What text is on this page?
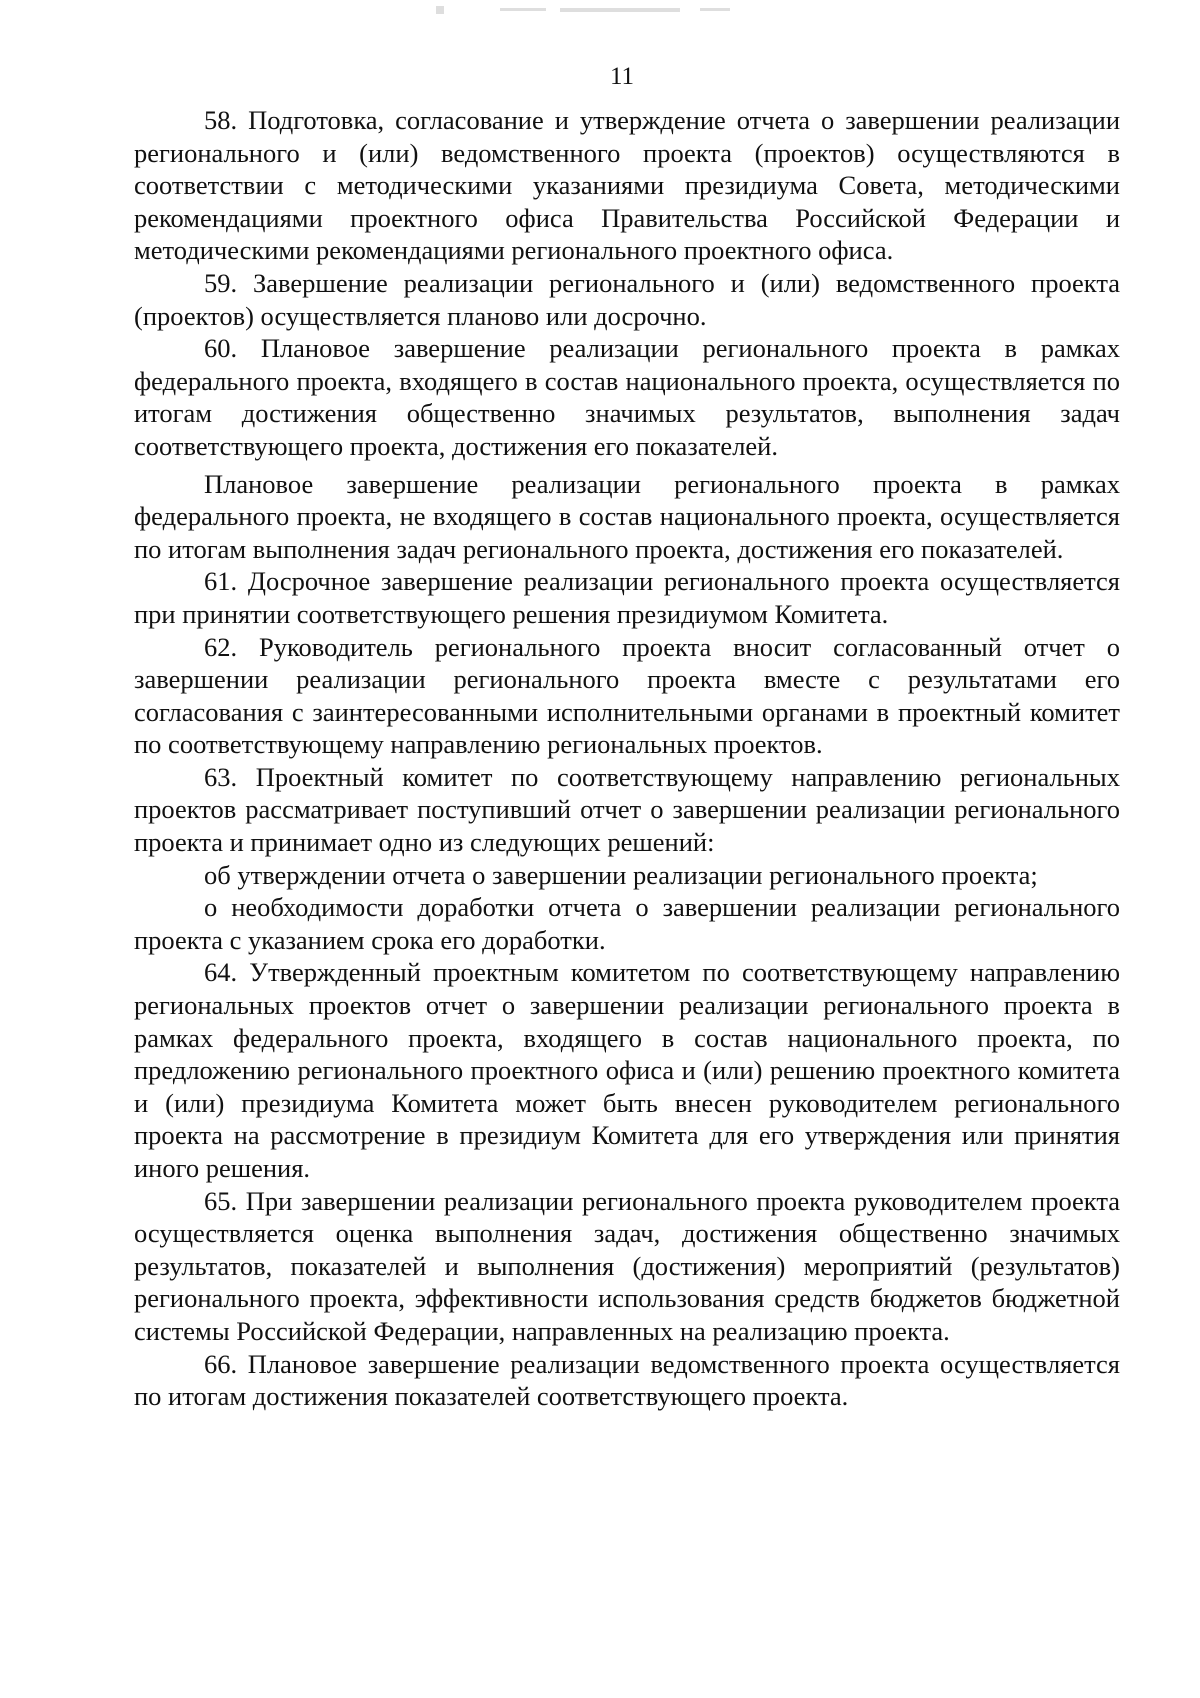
11

58. Подготовка, согласование и утверждение отчета о завершении реализации регионального и (или) ведомственного проекта (проектов) осуществляются в соответствии с методическими указаниями президиума Совета, методическими рекомендациями проектного офиса Правительства Российской Федерации и методическими рекомендациями регионального проектного офиса.

59. Завершение реализации регионального и (или) ведомственного проекта (проектов) осуществляется планово или досрочно.

60. Плановое завершение реализации регионального проекта в рамках федерального проекта, входящего в состав национального проекта, осуществляется по итогам достижения общественно значимых результатов, выполнения задач соответствующего проекта, достижения его показателей.

Плановое завершение реализации регионального проекта в рамках федерального проекта, не входящего в состав национального проекта, осуществляется по итогам выполнения задач регионального проекта, достижения его показателей.

61. Досрочное завершение реализации регионального проекта осуществляется при принятии соответствующего решения президиумом Комитета.

62. Руководитель регионального проекта вносит согласованный отчет о завершении реализации регионального проекта вместе с результатами его согласования с заинтересованными исполнительными органами в проектный комитет по соответствующему направлению региональных проектов.

63. Проектный комитет по соответствующему направлению региональных проектов рассматривает поступивший отчет о завершении реализации регионального проекта и принимает одно из следующих решений:

об утверждении отчета о завершении реализации регионального проекта;

о необходимости доработки отчета о завершении реализации регионального проекта с указанием срока его доработки.

64. Утвержденный проектным комитетом по соответствующему направлению региональных проектов отчет о завершении реализации регионального проекта в рамках федерального проекта, входящего в состав национального проекта, по предложению регионального проектного офиса и (или) решению проектного комитета и (или) президиума Комитета может быть внесен руководителем регионального проекта на рассмотрение в президиум Комитета для его утверждения или принятия иного решения.

65. При завершении реализации регионального проекта руководителем проекта осуществляется оценка выполнения задач, достижения общественно значимых результатов, показателей и выполнения (достижения) мероприятий (результатов) регионального проекта, эффективности использования средств бюджетов бюджетной системы Российской Федерации, направленных на реализацию проекта.

66. Плановое завершение реализации ведомственного проекта осуществляется по итогам достижения показателей соответствующего проекта.
